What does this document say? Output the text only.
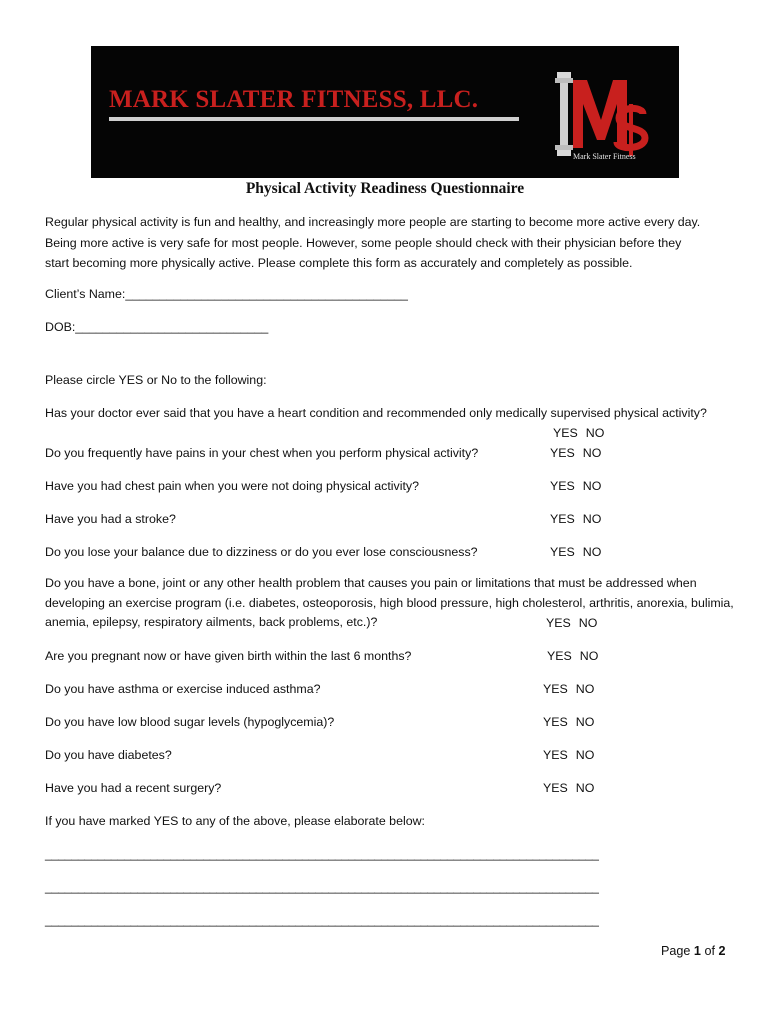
MARK SLATER FITNESS, LLC.
Mark Slater Fitness
Physical Activity Readiness Questionnaire
Regular physical activity is fun and healthy, and increasingly more people are starting to become more active every day.
Being more active is very safe for most people. However, some people should check with their physician before they
start becoming more physically active. Please complete this form as accurately and completely as possible.
Client’s Name:_________________________________________
DOB:____________________________
Please circle YES or No to the following:
Has your doctor ever said that you have a heart condition and recommended only medically supervised physical activity?
YES NO
Do you frequently have pains in your chest when you perform physical activity?	YES NO
Have you had chest pain when you were not doing physical activity?	YES NO
Have you had a stroke?	YES NO
Do you lose your balance due to dizziness or do you ever lose consciousness?	YES NO
Do you have a bone, joint or any other health problem that causes you pain or limitations that must be addressed when
developing an exercise program (i.e. diabetes, osteoporosis, high blood pressure, high cholesterol, arthritis, anorexia, bulimia,
anemia, epilepsy, respiratory ailments, back problems, etc.)?	YES NO
Are you pregnant now or have given birth within the last 6 months?	YES NO
Do you have asthma or exercise induced asthma?	YES NO
Do you have low blood sugar levels (hypoglycemia)?	YES NO
Do you have diabetes?	YES NO
Have you had a recent surgery?	YES NO
If you have marked YES to any of the above, please elaborate below:
____________________________________________________________________________________
____________________________________________________________________________________
____________________________________________________________________________________
Page 1 of 2
